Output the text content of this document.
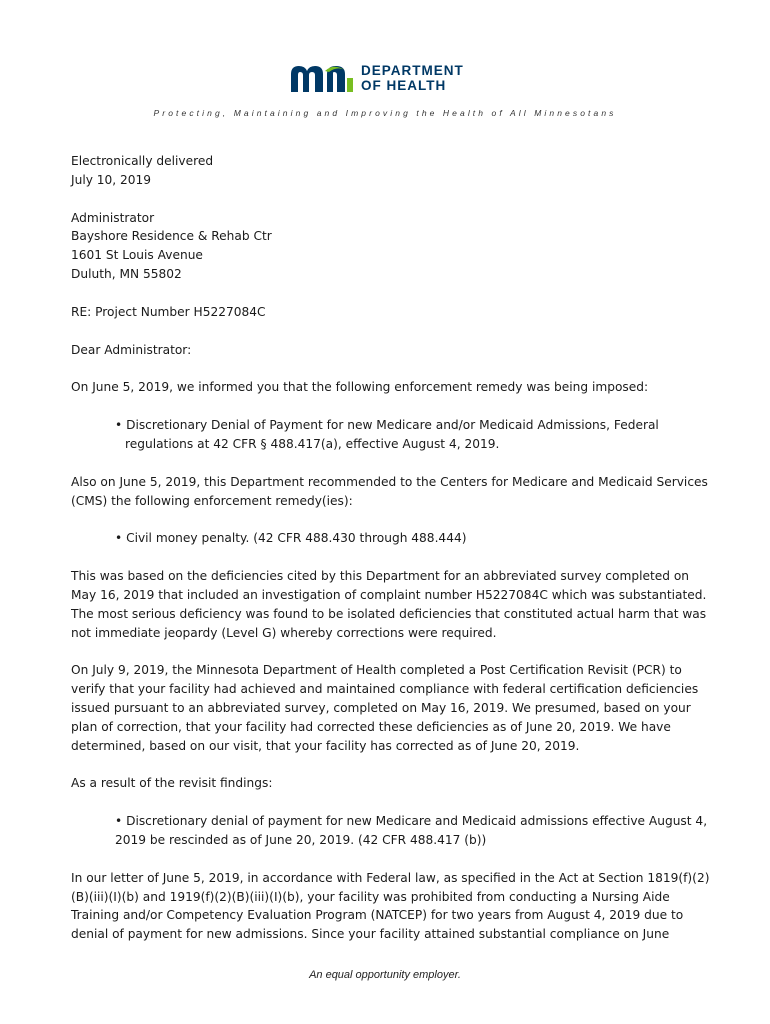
DEPARTMENT
OF HEALTH
Protecting, Maintaining and Improving the Health of All Minnesotans

Electronically delivered

July 10, 2019

Administrator
Bayshore Residence & Rehab Ctr
1601 St Louis Avenue
Duluth, MN 55802

RE: Project Number H5227084C

Dear Administrator:

On June 5, 2019, we informed you that the following enforcement remedy was being imposed:

• Discretionary Denial of Payment for new Medicare and/or Medicaid Admissions, Federal regulations at 42 CFR § 488.417(a), effective August 4, 2019.

Also on June 5, 2019, this Department recommended to the Centers for Medicare and Medicaid Services (CMS) the following enforcement remedy(ies):

• Civil money penalty. (42 CFR 488.430 through 488.444)

This was based on the deficiencies cited by this Department for an abbreviated survey completed on May 16, 2019 that included an investigation of complaint number H5227084C which was substantiated. The most serious deficiency was found to be isolated deficiencies that constituted actual harm that was not immediate jeopardy (Level G) whereby corrections were required.

On July 9, 2019, the Minnesota Department of Health completed a Post Certification Revisit (PCR) to verify that your facility had achieved and maintained compliance with federal certification deficiencies issued pursuant to an abbreviated survey, completed on May 16, 2019. We presumed, based on your plan of correction, that your facility had corrected these deficiencies as of June 20, 2019. We have determined, based on our visit, that your facility has corrected as of June 20, 2019.

As a result of the revisit findings:

• Discretionary denial of payment for new Medicare and Medicaid admissions effective August 4, 2019 be rescinded as of June 20, 2019. (42 CFR 488.417 (b))

In our letter of June 5, 2019, in accordance with Federal law, as specified in the Act at Section 1819(f)(2)(B)(iii)(I)(b) and 1919(f)(2)(B)(iii)(I)(b), your facility was prohibited from conducting a Nursing Aide Training and/or Competency Evaluation Program (NATCEP) for two years from August 4, 2019 due to denial of payment for new admissions. Since your facility attained substantial compliance on June

An equal opportunity employer.
